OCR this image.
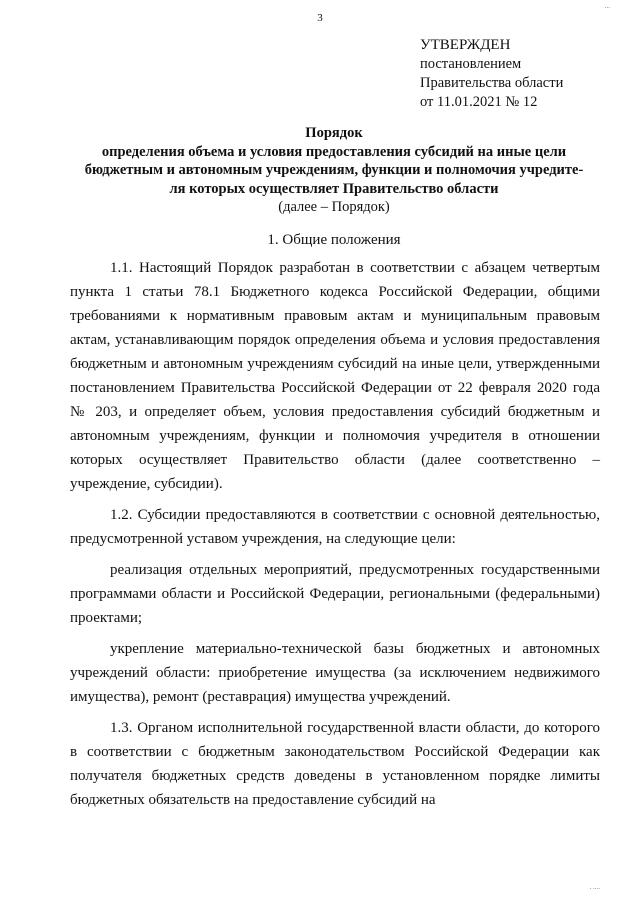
3
...
УТВЕРЖДЕН
постановлением
Правительства области
от 11.01.2021 № 12
Порядок
определения объема и условия предоставления субсидий на иные цели
бюджетным и автономным учреждениям, функции и полномочия учредите-
ля которых осуществляет Правительство области
(далее – Порядок)
1. Общие положения

1.1. Настоящий Порядок разработан в соответствии с абзацем четвертым пункта 1 статьи 78.1 Бюджетного кодекса Российской Федерации, общими требованиями к нормативным правовым актам и муниципальным правовым актам, устанавливающим порядок определения объема и условия предоставления бюджетным и автономным учреждениям субсидий на иные цели, утвержденными постановлением Правительства Российской Федерации от 22 февраля 2020 года № 203, и определяет объем, условия предоставления субсидий бюджетным и автономным учреждениям, функции и полномочия учредителя в отношении которых осуществляет Правительство области (далее соответственно – учреждение, субсидии).

1.2. Субсидии предоставляются в соответствии с основной деятельностью, предусмотренной уставом учреждения, на следующие цели:

реализация отдельных мероприятий, предусмотренных государственными программами области и Российской Федерации, региональными (федеральными) проектами;

укрепление материально-технической базы бюджетных и автономных учреждений области: приобретение имущества (за исключением недвижимого имущества), ремонт (реставрация) имущества учреждений.

1.3. Органом исполнительной государственной власти области, до которого в соответствии с бюджетным законодательством Российской Федерации как получателя бюджетных средств доведены в установленном порядке лимиты бюджетных обязательств на предоставление субсидий на

. ....
